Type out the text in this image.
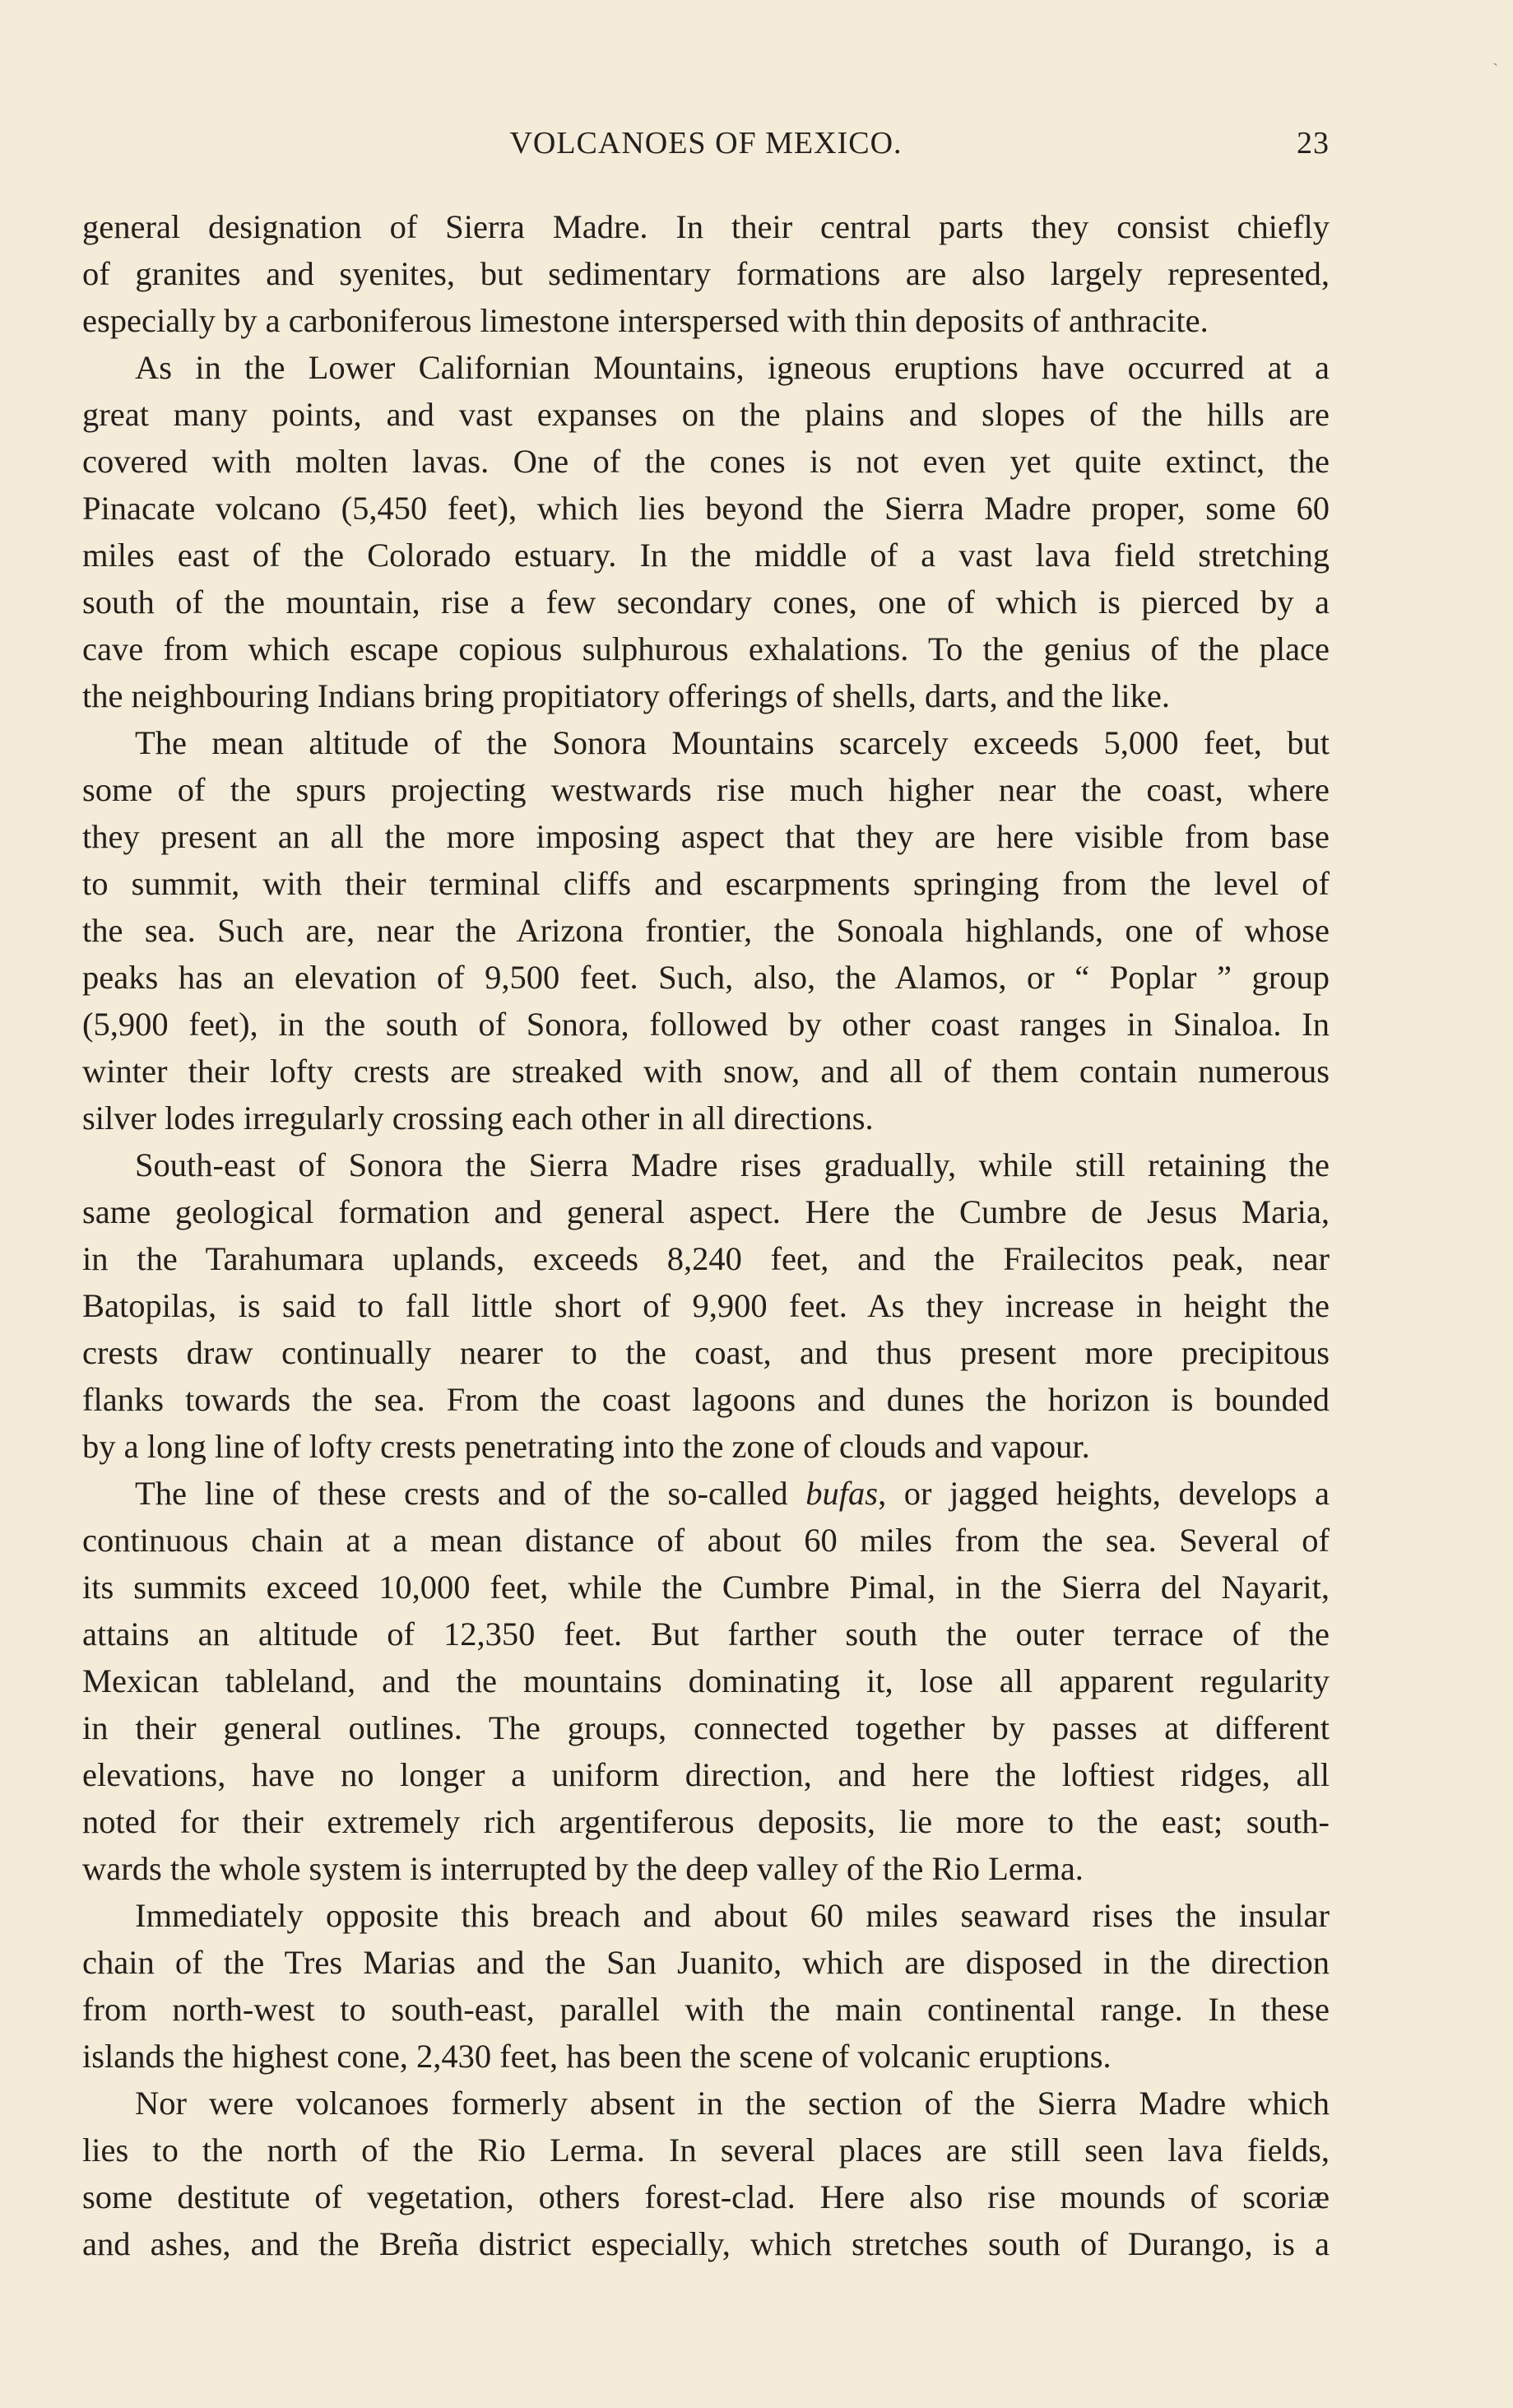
`
VOLCANOES OF MEXICO.	23
general designation of Sierra Madre. In their central parts they consist chiefly
of granites and syenites, but sedimentary formations are also largely represented,
especially by a carboniferous limestone interspersed with thin deposits of anthracite.
As in the Lower Californian Mountains, igneous eruptions have occurred at a
great many points, and vast expanses on the plains and slopes of the hills are
covered with molten lavas. One of the cones is not even yet quite extinct, the
Pinacate volcano (5,450 feet), which lies beyond the Sierra Madre proper, some 60
miles east of the Colorado estuary. In the middle of a vast lava field stretching
south of the mountain, rise a few secondary cones, one of which is pierced by a
cave from which escape copious sulphurous exhalations. To the genius of the place
the neighbouring Indians bring propitiatory offerings of shells, darts, and the like.
The mean altitude of the Sonora Mountains scarcely exceeds 5,000 feet, but
some of the spurs projecting westwards rise much higher near the coast, where
they present an all the more imposing aspect that they are here visible from base
to summit, with their terminal cliffs and escarpments springing from the level of
the sea. Such are, near the Arizona frontier, the Sonoala highlands, one of whose
peaks has an elevation of 9,500 feet. Such, also, the Alamos, or “ Poplar ” group
(5,900 feet), in the south of Sonora, followed by other coast ranges in Sinaloa. In
winter their lofty crests are streaked with snow, and all of them contain numerous
silver lodes irregularly crossing each other in all directions.
South-east of Sonora the Sierra Madre rises gradually, while still retaining the
same geological formation and general aspect. Here the Cumbre de Jesus Maria,
in the Tarahumara uplands, exceeds 8,240 feet, and the Frailecitos peak, near
Batopilas, is said to fall little short of 9,900 feet. As they increase in height the
crests draw continually nearer to the coast, and thus present more precipitous
flanks towards the sea. From the coast lagoons and dunes the horizon is bounded
by a long line of lofty crests penetrating into the zone of clouds and vapour.
The line of these crests and of the so-called bufas, or jagged heights, develops a
continuous chain at a mean distance of about 60 miles from the sea. Several of
its summits exceed 10,000 feet, while the Cumbre Pimal, in the Sierra del Nayarit,
attains an altitude of 12,350 feet. But farther south the outer terrace of the
Mexican tableland, and the mountains dominating it, lose all apparent regularity
in their general outlines. The groups, connected together by passes at different
elevations, have no longer a uniform direction, and here the loftiest ridges, all
noted for their extremely rich argentiferous deposits, lie more to the east; south-
wards the whole system is interrupted by the deep valley of the Rio Lerma.
Immediately opposite this breach and about 60 miles seaward rises the insular
chain of the Tres Marias and the San Juanito, which are disposed in the direction
from north-west to south-east, parallel with the main continental range. In these
islands the highest cone, 2,430 feet, has been the scene of volcanic eruptions.
Nor were volcanoes formerly absent in the section of the Sierra Madre which
lies to the north of the Rio Lerma. In several places are still seen lava fields,
some destitute of vegetation, others forest-clad. Here also rise mounds of scoriæ
and ashes, and the Breña district especially, which stretches south of Durango, is a
